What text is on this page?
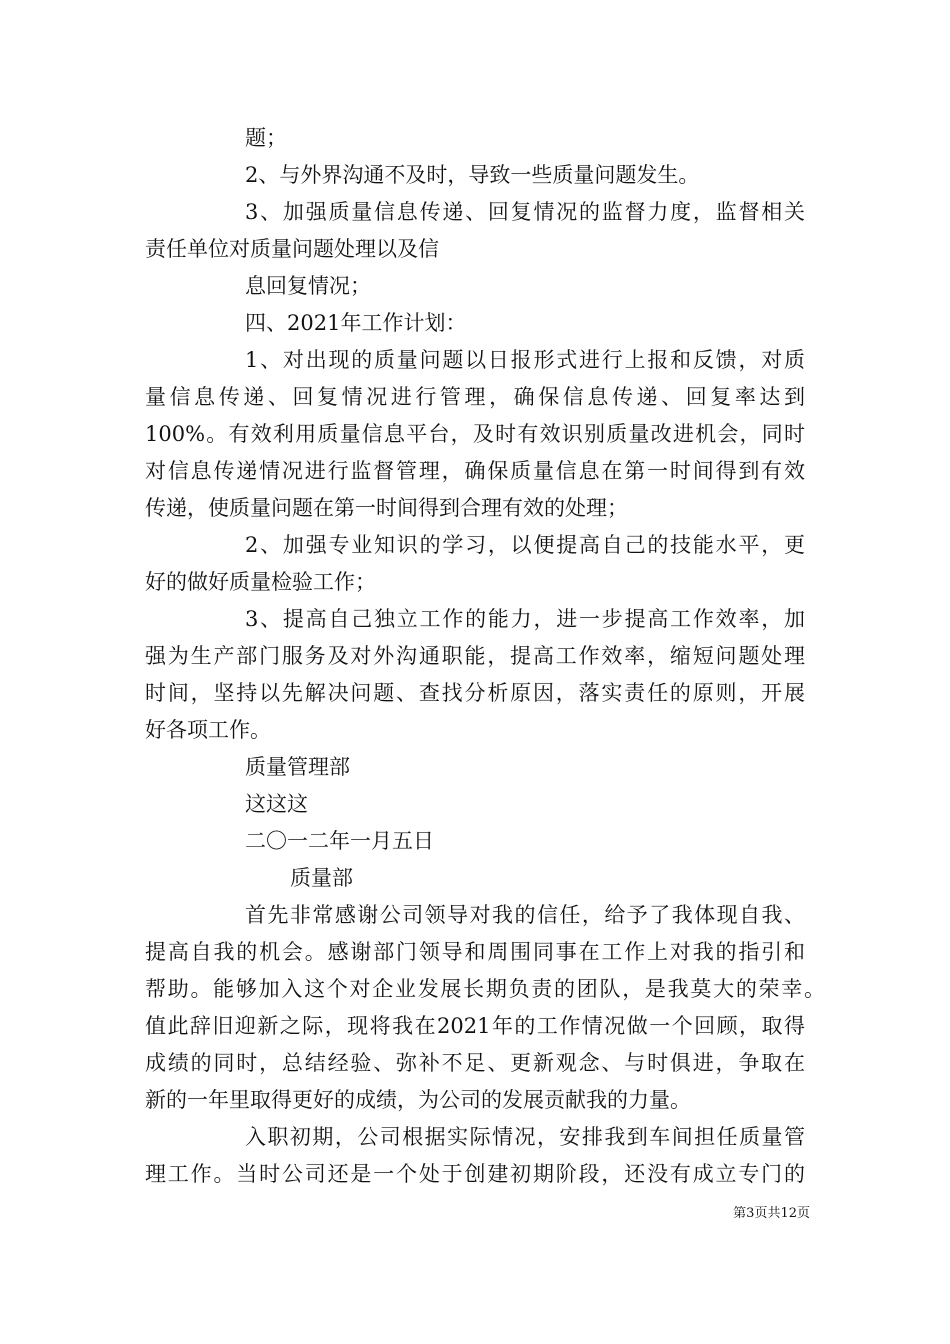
题；
2、与外界沟通不及时，导致一些质量问题发生。
3、加强质量信息传递、回复情况的监督力度，监督相关
责任单位对质量问题处理以及信
息回复情况；
四、2021年工作计划：
1、对出现的质量问题以日报形式进行上报和反馈，对质
量信息传递、回复情况进行管理，确保信息传递、回复率达到
100%。有效利用质量信息平台，及时有效识别质量改进机会，同时
对信息传递情况进行监督管理，确保质量信息在第一时间得到有效
传递，使质量问题在第一时间得到合理有效的处理；
2、加强专业知识的学习，以便提高自己的技能水平，更
好的做好质量检验工作；
3、提高自己独立工作的能力，进一步提高工作效率，加
强为生产部门服务及对外沟通职能，提高工作效率，缩短问题处理
时间，坚持以先解决问题、查找分析原因，落实责任的原则，开展
好各项工作。
质量管理部
这这这
二〇一二年一月五日
质量部
首先非常感谢公司领导对我的信任，给予了我体现自我、
提高自我的机会。感谢部门领导和周围同事在工作上对我的指引和
帮助。能够加入这个对企业发展长期负责的团队，是我莫大的荣幸。
值此辞旧迎新之际，现将我在2021年的工作情况做一个回顾，取得
成绩的同时，总结经验、弥补不足、更新观念、与时俱进，争取在
新的一年里取得更好的成绩，为公司的发展贡献我的力量。
入职初期，公司根据实际情况，安排我到车间担任质量管
理工作。当时公司还是一个处于创建初期阶段，还没有成立专门的
第3页共12页
